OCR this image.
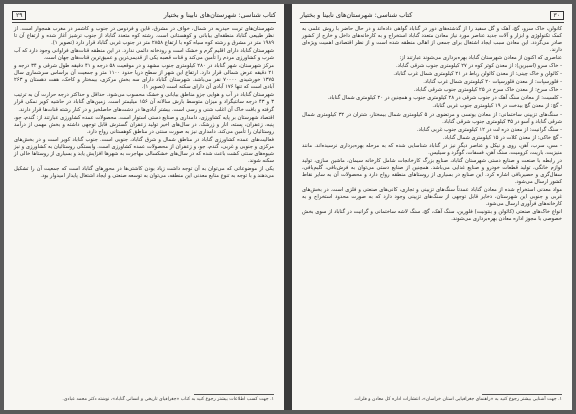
کتاب شناسی: شهرستان‌های نابینا و بختیار
۲۹

شهرستان‌های تربت حیدریه در شمال، خواف در مشرق، قاین و فردوس در جنوب و کاشمر در مغرب همجوار است. از نظر طبیعی گناباد منطقه‌ای بیابانی و کوهستانی است. رشته کوه متعدد گناباد از جنوب ترشیز آغاز شده و ارتفاع آن تا ۱۹۸۹ متر در مشرق و رشته کوه سیاه کوه با ارتفاع ۲۸۵۸ متر در جنوب غربی گناباد قرار دارد (تصویر ۱).

شهرستان گناباد دارای اقلیم گرم و خشک است و رودخانه دائمی ندارد. در این منطقه قنات‌های فراوانی وجود دارد که آب شرب و کشاورزی مردم را تأمین می‌کند و قنات قصبه یکی از قدیمی‌ترین و عمیق‌ترین قنات‌های جهان است.

مرکز شهرستان، شهر گناباد در ۲۸۰ کیلومتری جنوب مشهد و در موقعیت ۵۸ درجه و ۴۱ دقیقه طول شرقی و ۳۴ درجه و ۲۱ دقیقه عرض شمالی قرار دارد. ارتفاع این شهر از سطح دریا حدود ۱۱۰۰ متر و جمعیت آن براساس سرشماری سال ۱۳۷۵ خورشیدی ۷۰۰۰۰ نفر می‌باشد. شهرستان گناباد دارای سه بخش مرکزی، بیمختار و کاخک، هفت دهستان و ۲۶۳ آبادی است که تنها ۱۷۶ آبادی آن دارای سکنه است (تصویر ۱).

شهرستان گناباد در آب و هوایی جزو مناطق بیابانی و خشک محسوب می‌شود. حداقل و حداکثر درجه حرارت آن به ترتیب ۳ و ۴۳ درجه سانتیگراد و میزان متوسط بارش سالانه آن ۱۵۶ میلیمتر است. زمین‌های گناباد در حاشیه کویر نمکی قرار گرفته و بافت خاک آن اغلب شنی و رسی است. بیشتر آبادی‌ها در دشت‌های حاصلخیز و در کنار رشته قنات‌ها قرار دارند.

اقتصاد شهرستان بر پایه کشاورزی، دامداری و صنایع دستی استوار است. محصولات عمده کشاورزی عبارتند از: گندم، جو، پنبه، زعفران، پسته، انار و زرشک. در سال‌های اخیر تولید زعفران گسترش قابل توجهی داشته و بخش مهمی از درآمد روستائیان را تأمین می‌کند. دامداری نیز به صورت سنتی در مناطق کوهستانی رواج دارد.

فعالیت‌های عمده کشاورزی گناباد در مناطق شمال و شرق گناباد، جنوبی است. جنوب گناباد کویر است و در بخش‌های مرکزی و جنوبی و غربی، گندم، جو، و زعفران از محصولات عمده کشاورزی است. وابستگی روستائیان به کشاورزی و نیز شیوه‌های سنتی کشت باعث شده که در سال‌های خشکسالی مهاجرت به شهرها افزایش یابد و بسیاری از روستاها خالی از سکنه شوند.

یکی از موضوعاتی که می‌توان به آن توجه داشت زیاد بودن کاشتی‌ها در محورهای گناباد است که جمعیت آن را تشکیل می‌دهند و با توجه به تنوع منابع معدنی این منطقه، می‌توان به توسعه صنعتی و ایجاد اشتغال پایدار امیدوار بود.

۱. جهت کسب اطلاعات بیشتر رجوع کنید به کتاب «جغرافیای تاریخی و انسانی گناباد»، نوشته دکتر محمد عبادی.
۳۰
کتاب شناسی: شهرستان‌های نابینا و بختیار

کانولن، خاک سرو، گچ، آهک و گل سفید را از گذشته‌های دور در گناباد گواهی داده‌اند و در حال حاضر با روش علمی به کمک تکنولوژی و ابزار و آلات جدید عناصر مورد نیاز معادن متعدد گناباد استخراج و به کارخانه‌های داخل و خارج از کشور صادر می‌گردد. این معادن سبب ایجاد اشتغال برای جمعی از اهالی منطقه شده است و از نظر اقتصادی اهمیت ویژه‌ای دارند.

عناصری که اکنون از معادن شهرستان گناباد بهره‌برداری می‌شوند عبارتند از:

- خاک سرو (اسیرین): از معدن کوثر کوه در ۲۷ کیلومتری جنوب شرقی گناباد.

- کائولن و خاک چینی: از معدن کائولن رباط در ۲۱ کیلومتری شمال غرب گناباد.

- فلورسپات: از معدن فلورسپات ۲۰ کیلومتری شمال غرب گناباد.

- خاک سرخ: از معدن خاک سرخ در ۲۵ کیلومتری جنوب شرقی گناباد.

- کلسیت: از معادن سنگ آهک در جنوب شرقی در ۲۸ کیلومتری جنوب و همچنین در ۲۰ کیلومتری شمال گناباد.

- گچ: از معدن گچ بیدخت در ۱۹ کیلومتری جنوب غربی گناباد.

- سنگ‌های تزیینی ساختمانی: از معادن یونسی و مرتضوی در ۵ کیلومتری شمال بیمختار، شتران در ۳۲ کیلومتری شمال شرقی گناباد و آسو در ۳۵ کیلومتری جنوب شرقی گناباد.

- سنگ گرانیت: از معدن دره لت در ۱۲ کیلومتری جنوب غربی گناباد.

- گچ خاکی: از معدن کلات در ۱۵ کیلومتری شمال گناباد.

- مس، سرب، آهن، روی و نیکل و عناصر دیگر نیز در گناباد شناسایی شده که به مرحله بهره‌برداری نرسیده‌اند. مانند منیزیت، باریت، کرومیت، سنگ آهن، فسفات، گوگرد و سیلیس.

در رابطه با صنعت و صنایع دستی شهرستان گناباد، صنایع بزرگ کارخانجات شامل کارخانه سیمان، ماشین سازی، تولید لوازم خانگی، تولید قطعات خودرو و صنایع غذایی می‌باشد. همچنین از صنایع دستی می‌توان به فرش‌بافی، گلیم‌بافی، سفال‌گری و حصیربافی اشاره کرد. این صنایع در بسیاری از روستاهای منطقه رواج دارد و محصولات آن به سایر نقاط کشور ارسال می‌شود.

مواد معدنی استخراج شده از معادن گناباد عمدتاً سنگ‌های تزیینی و تجاری، کانی‌های صنعتی و فلزی است. در بخش‌های غربی و جنوبی این شهرستان، ذخایر قابل توجهی از سنگ‌های تزیینی وجود دارد که به صورت محدود استخراج و به کارخانه‌های فرآوری ارسال می‌شود.

انواع خاک‌های صنعتی (کائولن و بنتونیت) فلورین، سنگ آهک، گچ، سنگ لاشه ساختمانی و گرانیت در گناباد از سوی بخش خصوصی با مجوز اداره معادن بهره‌برداری می‌شوند.

۱. جهت آشنایی بیشتر رجوع کنید به «راهنمای جغرافیایی استان خراسان»، انتشارات اداره کل معادن و فلزات.
